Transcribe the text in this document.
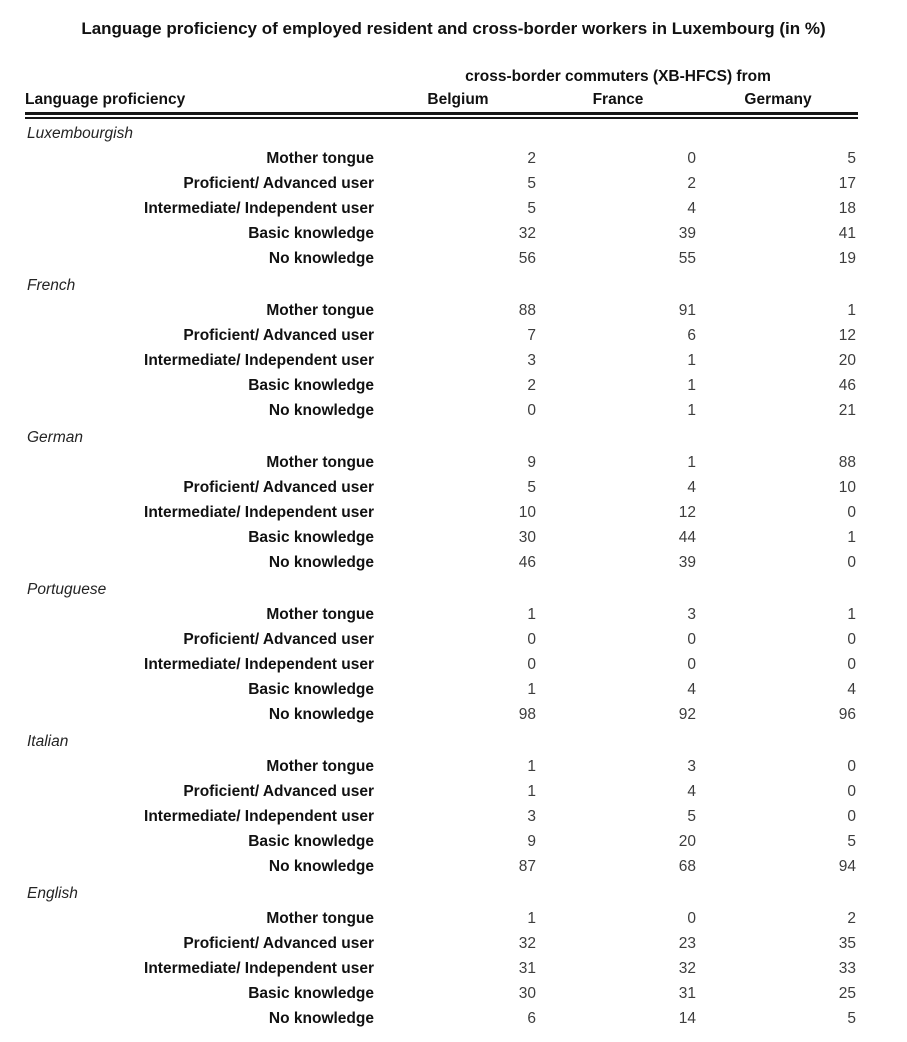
Language proficiency of employed resident and cross-border workers in Luxembourg (in %)
cross-border commuters (XB-HFCS) from
Language proficiency	Belgium	France	Germany
Luxembourgish
Mother tongue	2	0	5
Proficient/ Advanced user	5	2	17
Intermediate/ Independent user	5	4	18
Basic knowledge	32	39	41
No knowledge	56	55	19
French
Mother tongue	88	91	1
Proficient/ Advanced user	7	6	12
Intermediate/ Independent user	3	1	20
Basic knowledge	2	1	46
No knowledge	0	1	21
German
Mother tongue	9	1	88
Proficient/ Advanced user	5	4	10
Intermediate/ Independent user	10	12	0
Basic knowledge	30	44	1
No knowledge	46	39	0
Portuguese
Mother tongue	1	3	1
Proficient/ Advanced user	0	0	0
Intermediate/ Independent user	0	0	0
Basic knowledge	1	4	4
No knowledge	98	92	96
Italian
Mother tongue	1	3	0
Proficient/ Advanced user	1	4	0
Intermediate/ Independent user	3	5	0
Basic knowledge	9	20	5
No knowledge	87	68	94
English
Mother tongue	1	0	2
Proficient/ Advanced user	32	23	35
Intermediate/ Independent user	31	32	33
Basic knowledge	30	31	25
No knowledge	6	14	5
